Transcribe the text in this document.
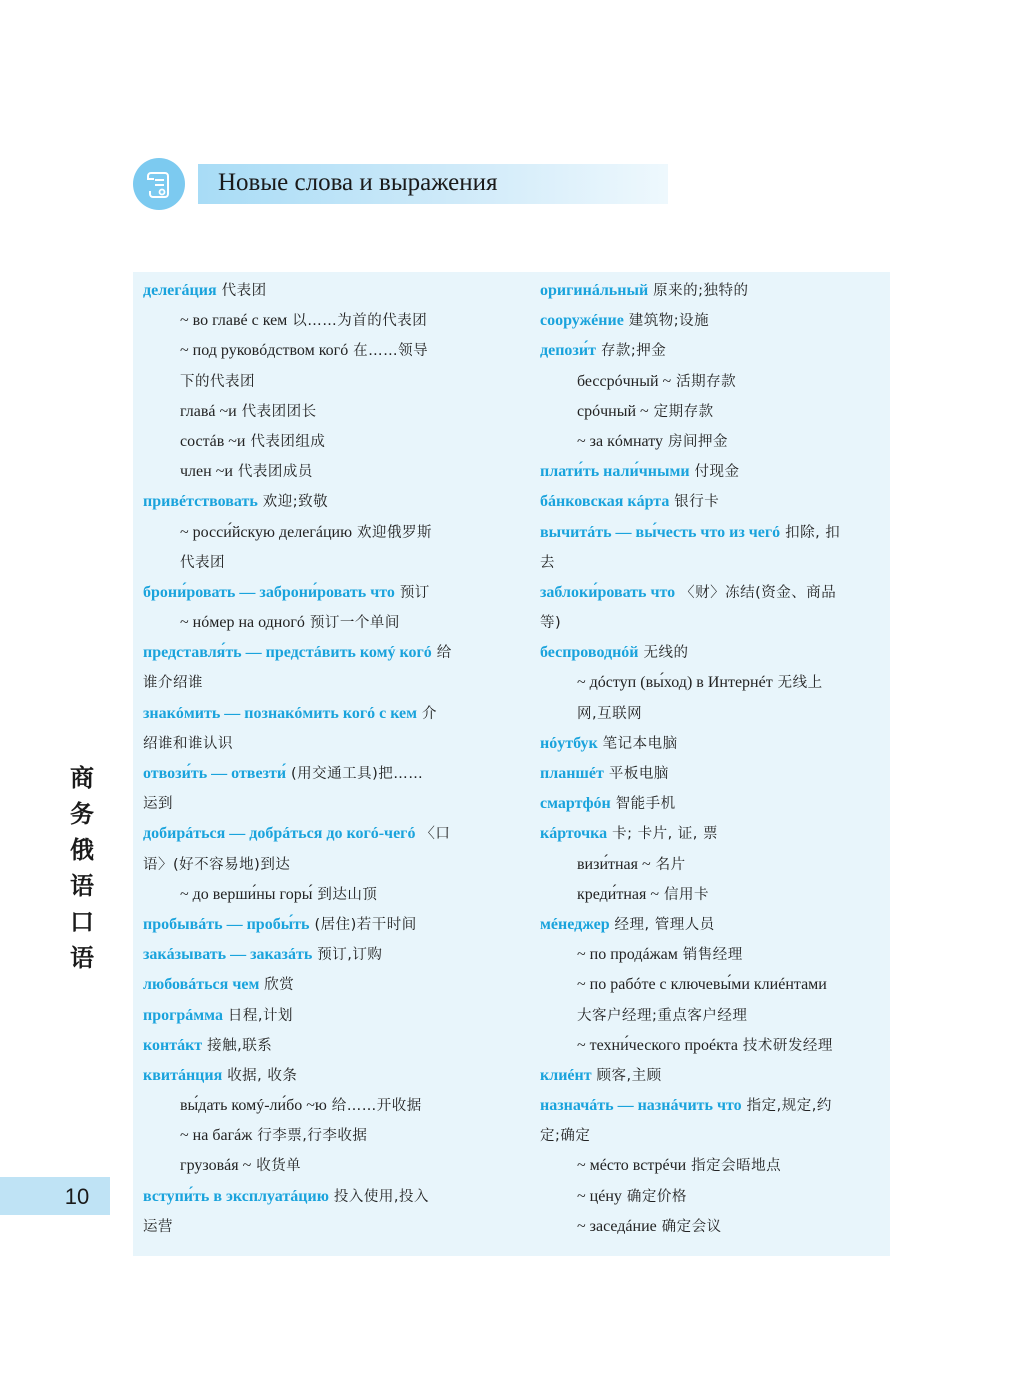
Новые слова и выражения
делегáция 代表团
~ во главé с кем 以……为首的代表团
~ под руковóдством когó 在……领导
下的代表团
главá ~и 代表团团长
состáв ~и 代表团组成
член ~и 代表团成员
привéтствовать 欢迎;致敬
~ росси́йскую делегáцию 欢迎俄罗斯
代表团
брони́ровать — заброни́ровать что 预订
~ нóмер на одногó 预订一个单间
представля́ть — предстáвить комý когó 给
谁介绍谁
знакóмить — познакóмить когó с кем 介
绍谁和谁认识
отвози́ть — отвезти́ (用交通工具)把……
运到
добирáться — добрáться до когó-чегó 〈口
语〉(好不容易地)到达
~ до верши́ны горы́ 到达山顶
пробывáть — пробы́ть (居住)若干时间
закáзывать — заказáть 预订,订购
любовáться чем 欣赏
прогрáмма 日程,计划
контáкт 接触,联系
квитáнция 收据, 收条
вы́дать комý-ли́бо ~ю 给……开收据
~ на багáж 行李票,行李收据
грузовáя ~ 收货单
вступи́ть в эксплуатáцию 投入使用,投入
运营
оригинáльный 原来的;独特的
сооружéние 建筑物;设施
депози́т 存款;押金
бессрóчный ~ 活期存款
срóчный ~ 定期存款
~ за кóмнату 房间押金
плати́ть нали́чными 付现金
бáнковская кáрта 银行卡
вычитáть — вы́честь что из чегó 扣除, 扣
去
заблоки́ровать что 〈财〉冻结(资金、商品
等)
беспроводнóй 无线的
~ дóступ (вы́ход) в Интернéт 无线上
网,互联网
нóутбук 笔记本电脑
планшéт 平板电脑
смартфóн 智能手机
кáрточка 卡; 卡片, 证, 票
визи́тная ~ 名片
креди́тная ~ 信用卡
мéнеджер 经理, 管理人员
~ по продáжам 销售经理
~ по рабóте с ключевы́ми клиéнтами
大客户经理;重点客户经理
~ техни́ческого проéкта 技术研发经理
клиéнт 顾客,主顾
назначáть — назнáчить что 指定,规定,约
定;确定
~ мéсто встрéчи 指定会晤地点
~ цéну 确定价格
~ заседáние 确定会议
商
务
俄
语
口
语
10
